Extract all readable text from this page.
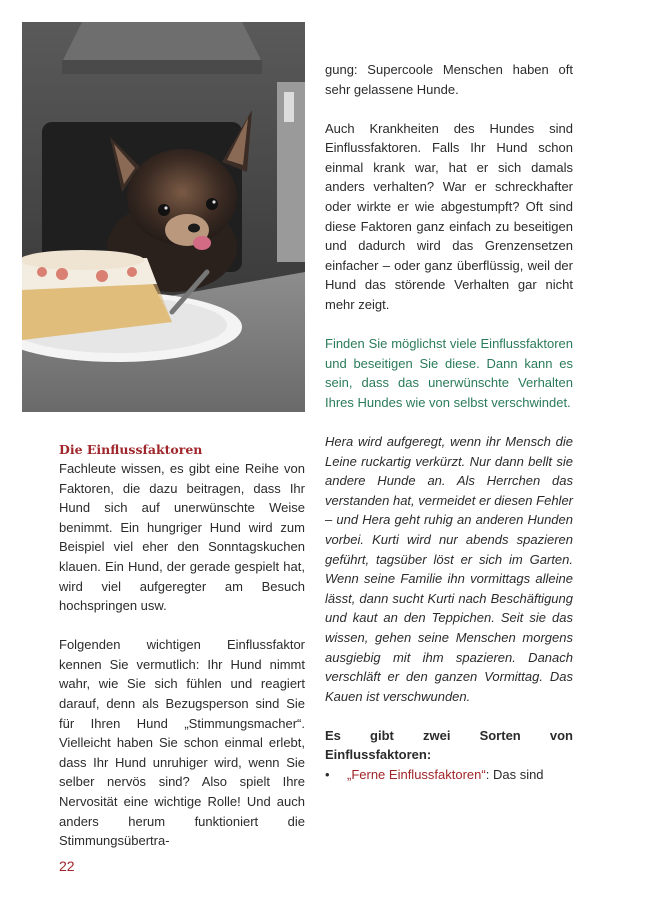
Die Einflussfaktoren

Fachleute wissen, es gibt eine Reihe von Faktoren, die dazu beitragen, dass Ihr Hund sich auf unerwünschte Weise benimmt. Ein hungriger Hund wird zum Beispiel viel eher den Sonntagskuchen klauen. Ein Hund, der gerade gespielt hat, wird viel aufgeregter am Besuch hochspringen usw.

Folgenden wichtigen Einflussfaktor kennen Sie vermutlich: Ihr Hund nimmt wahr, wie Sie sich fühlen und reagiert darauf, denn als Bezugsperson sind Sie für Ihren Hund „Stimmungsmacher“. Vielleicht haben Sie schon einmal erlebt, dass Ihr Hund unruhiger wird, wenn Sie selber nervös sind? Also spielt Ihre Nervosität eine wichtige Rolle! Und auch anders herum funktioniert die Stimmungsübertra-

gung: Supercoole Menschen haben oft sehr gelassene Hunde.

Auch Krankheiten des Hundes sind Einflussfaktoren. Falls Ihr Hund schon einmal krank war, hat er sich damals anders verhalten? War er schreckhafter oder wirkte er wie abgestumpft? Oft sind diese Faktoren ganz einfach zu beseitigen und dadurch wird das Grenzensetzen einfacher – oder ganz überflüssig, weil der Hund das störende Verhalten gar nicht mehr zeigt.

Finden Sie möglichst viele Einflussfaktoren und beseitigen Sie diese. Dann kann es sein, dass das unerwünschte Verhalten Ihres Hundes wie von selbst verschwindet.

Hera wird aufgeregt, wenn ihr Mensch die Leine ruckartig verkürzt. Nur dann bellt sie andere Hunde an. Als Herrchen das verstanden hat, vermeidet er diesen Fehler – und Hera geht ruhig an anderen Hunden vorbei. Kurti wird nur abends spazieren geführt, tagsüber löst er sich im Garten. Wenn seine Familie ihn vormittags alleine lässt, dann sucht Kurti nach Beschäftigung und kaut an den Teppichen. Seit sie das wissen, gehen seine Menschen morgens ausgiebig mit ihm spazieren. Danach verschläft er den ganzen Vormittag. Das Kauen ist verschwunden.

Es gibt zwei Sorten von Einflussfaktoren:

•	„Ferne Einflussfaktoren“: Das sind
22
